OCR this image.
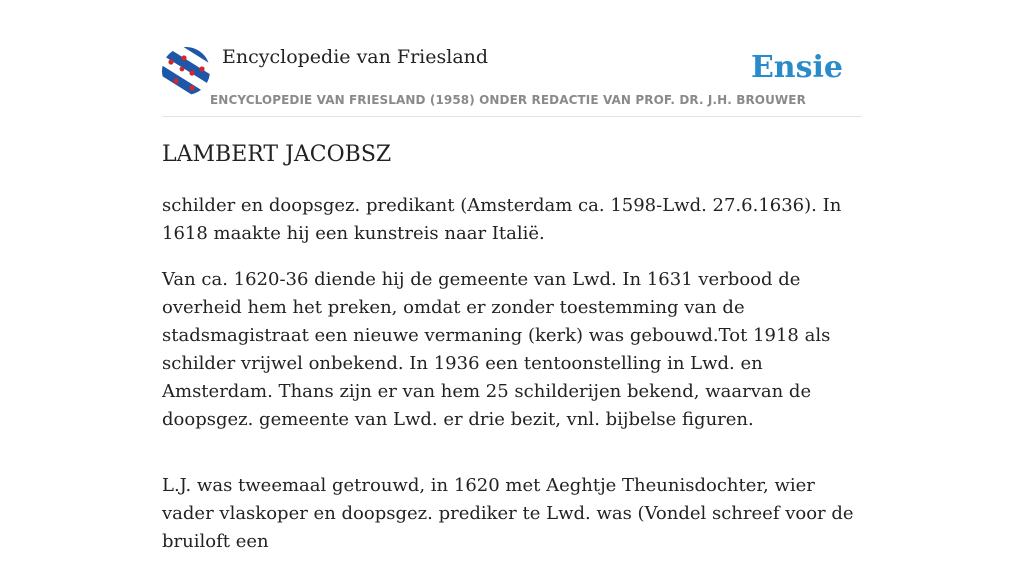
Encyclopedie van Friesland
ENCYCLOPEDIE VAN FRIESLAND (1958) ONDER REDACTIE VAN PROF. DR. J.H. BROUWER
Ensie
LAMBERT JACOBSZ

schilder en doopsgez. predikant (Amsterdam ca. 1598-Lwd. 27.6.1636). In 1618 maakte hij een kunstreis naar Italië.

Van ca. 1620-36 diende hij de gemeente van Lwd. In 1631 verbood de overheid hem het preken, omdat er zonder toestemming van de stadsmagistraat een nieuwe vermaning (kerk) was gebouwd.Tot 1918 als schilder vrijwel onbekend. In 1936 een tentoonstelling in Lwd. en Amsterdam. Thans zijn er van hem 25 schilderijen bekend, waarvan de doopsgez. gemeente van Lwd. er drie bezit, vnl. bijbelse figuren.

L.J. was tweemaal getrouwd, in 1620 met Aeghtje Theunisdochter, wier vader vlaskoper en doopsgez. prediker te Lwd. was (Vondel schreef voor de bruiloft een
